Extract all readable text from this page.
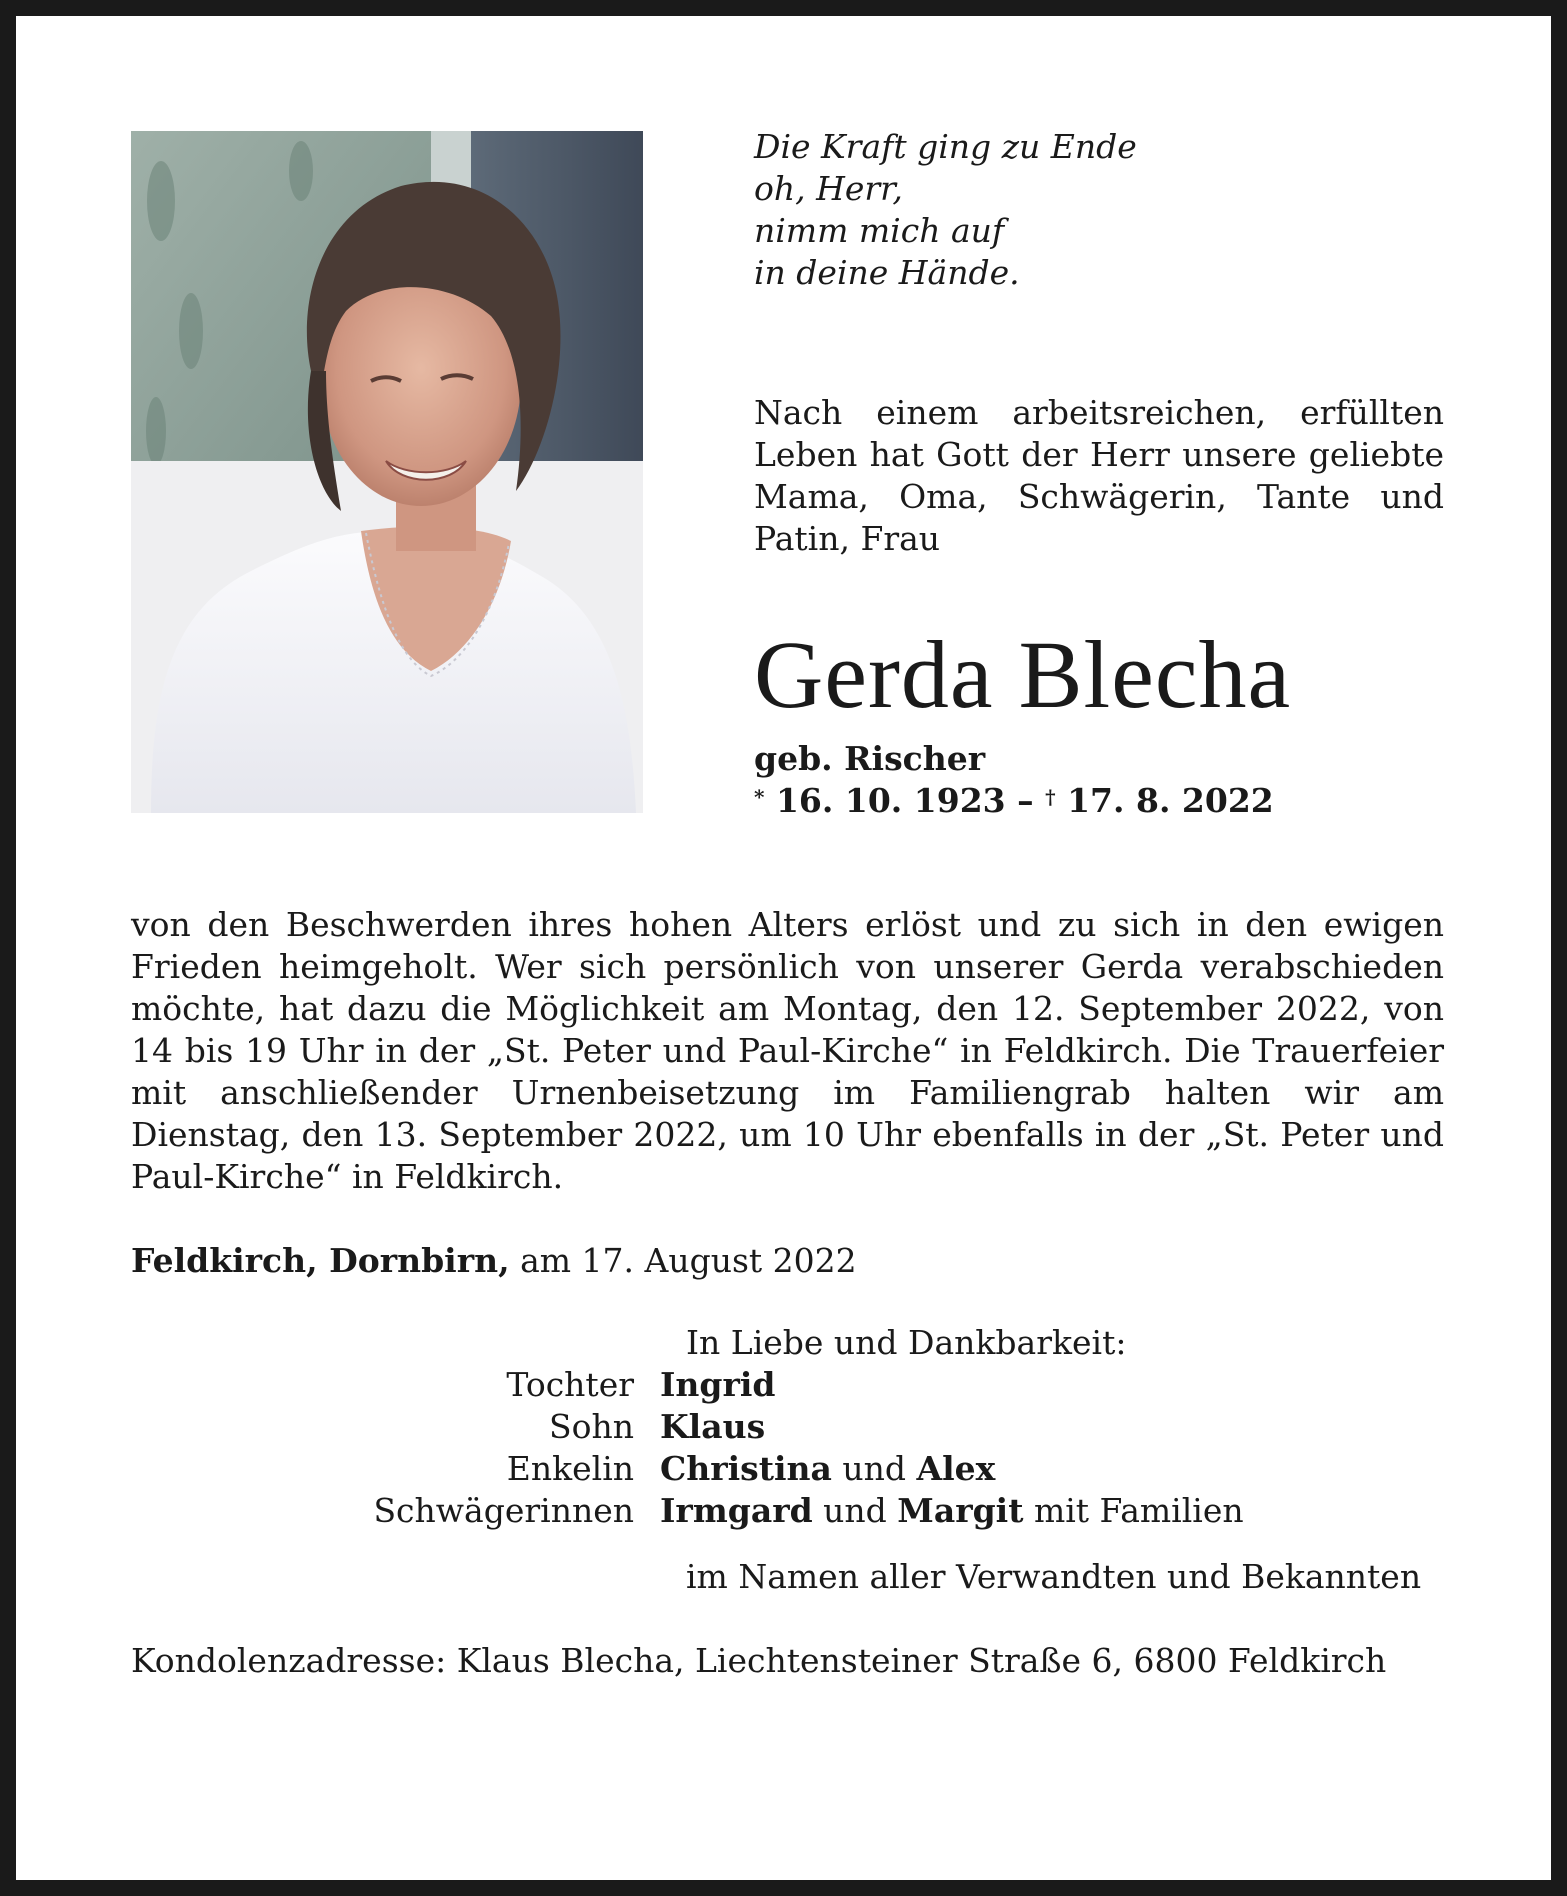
Die Kraft ging zu Ende
oh, Herr,
nimm mich auf
in deine Hände.

Nach einem arbeitsreichen, erfüllten Leben hat Gott der Herr unsere geliebte Mama, Oma, Schwägerin, Tante und Patin, Frau

Gerda Blecha
geb. Rischer
* 16. 10. 1923 – † 17. 8. 2022

von den Beschwerden ihres hohen Alters erlöst und zu sich in den ewigen Frieden heimgeholt. Wer sich persönlich von unserer Gerda verabschieden möchte, hat dazu die Möglichkeit am Montag, den 12. September 2022, von 14 bis 19 Uhr in der „St. Peter und Paul-Kirche“ in Feldkirch. Die Trauerfeier mit anschließender Urnenbeisetzung im Familiengrab halten wir am Dienstag, den 13. September 2022, um 10 Uhr ebenfalls in der „St. Peter und Paul-Kirche“ in Feldkirch.

Feldkirch, Dornbirn, am 17. August 2022
In Liebe und Dankbarkeit:
Tochter Ingrid
Sohn Klaus
Enkelin Christina und Alex
Schwägerinnen Irmgard und Margit mit Familien
im Namen aller Verwandten und Bekannten
Kondolenzadresse: Klaus Blecha, Liechtensteiner Straße 6, 6800 Feldkirch
